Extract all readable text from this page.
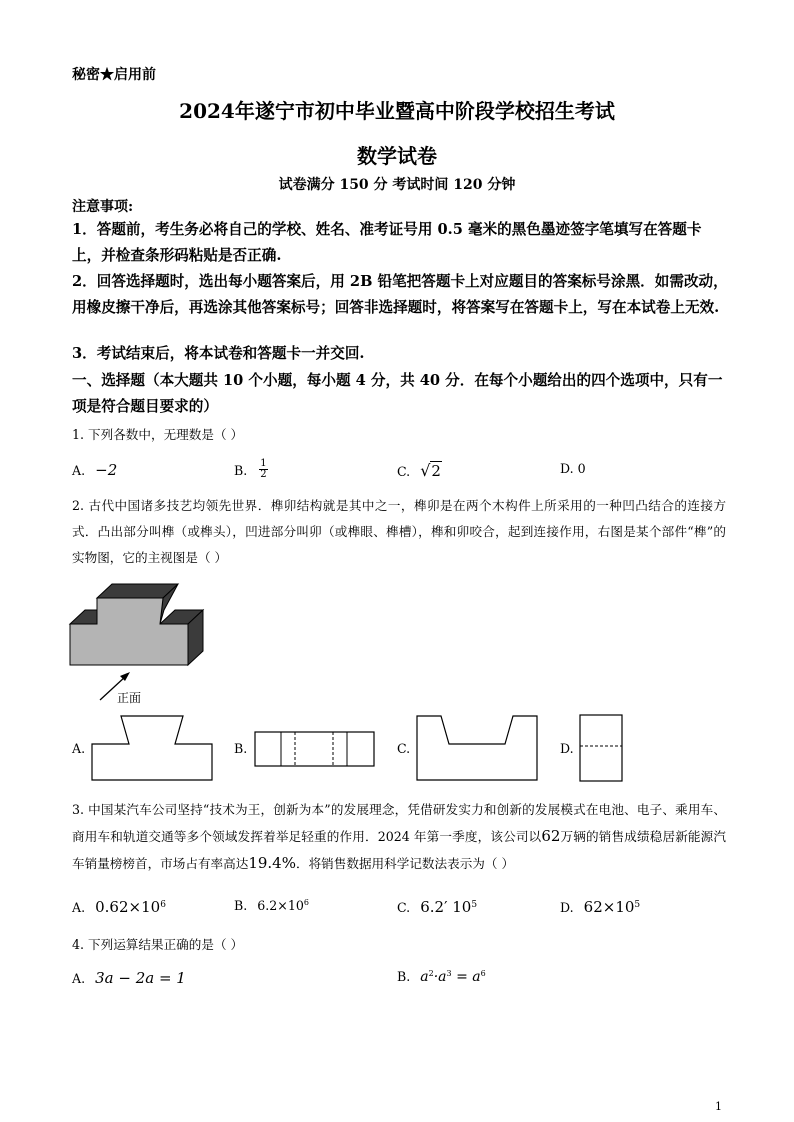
秘密★启用前
2024年遂宁市初中毕业暨高中阶段学校招生考试
数学试卷
试卷满分 150 分 考试时间 120 分钟
注意事项:
1．答题前，考生务必将自己的学校、姓名、准考证号用 0.5 毫米的黑色墨迹签字笔填写在答题卡上，并检查条形码粘贴是否正确.
2．回答选择题时，选出每小题答案后，用 2B 铅笔把答题卡上对应题目的答案标号涂黑．如需改动，用橡皮擦干净后，再选涂其他答案标号；回答非选择题时，将答案写在答题卡上，写在本试卷上无效.
3．考试结束后，将本试卷和答题卡一并交回.
一、选择题（本大题共 10 个小题，每小题 4 分，共 40 分．在每个小题给出的四个选项中，只有一项是符合题目要求的）
1. 下列各数中，无理数是（ ）
A. −2	B. $\frac{1}{2}$	C. √2	D. 0
2. 古代中国诸多技艺均领先世界．榫卯结构就是其中之一，榫卯是在两个木构件上所采用的一种凹凸结合的连接方式．凸出部分叫榫（或榫头），凹进部分叫卯（或榫眼、榫槽），榫和卯咬合，起到连接作用，右图是某个部件“榫”的实物图，它的主视图是（ ）
正面
A.	B.	C.	D.
3. 中国某汽车公司坚持“技术为王，创新为本”的发展理念，凭借研发实力和创新的发展模式在电池、电子、乘用车、商用车和轨道交通等多个领域发挥着举足轻重的作用．2024 年第一季度，该公司以62万辆的销售成绩稳居新能源汽车销量榜榜首，市场占有率高达19.4%．将销售数据用科学记数法表示为（ ）
A. $0.62\times 10^6$	B. $6.2\times 10^6$	C. 6.2′ $10^5$	D. $62\times 10^5$
4. 下列运算结果正确的是（ ）
A. 3a − 2a = 1	B. $a^2\cdot a^3 = a^6$
1
